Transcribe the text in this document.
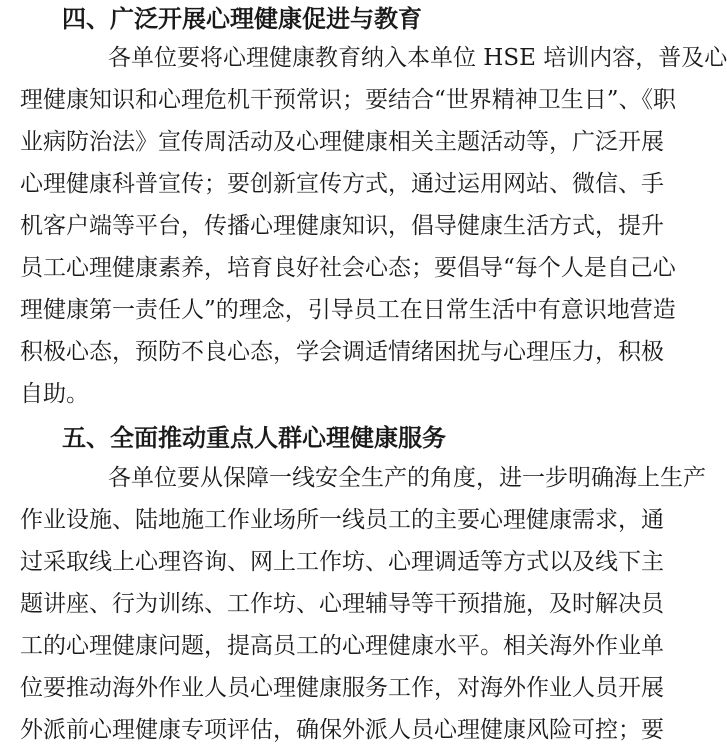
四、广泛开展心理健康促进与教育
各单位要将心理健康教育纳入本单位 HSE 培训内容，普及心
理健康知识和心理危机干预常识；要结合“世界精神卫生日”、《职
业病防治法》宣传周活动及心理健康相关主题活动等，广泛开展
心理健康科普宣传；要创新宣传方式，通过运用网站、微信、手
机客户端等平台，传播心理健康知识，倡导健康生活方式，提升
员工心理健康素养，培育良好社会心态；要倡导“每个人是自己心
理健康第一责任人”的理念，引导员工在日常生活中有意识地营造
积极心态，预防不良心态，学会调适情绪困扰与心理压力，积极
自助。
五、全面推动重点人群心理健康服务
各单位要从保障一线安全生产的角度，进一步明确海上生产
作业设施、陆地施工作业场所一线员工的主要心理健康需求，通
过采取线上心理咨询、网上工作坊、心理调适等方式以及线下主
题讲座、行为训练、工作坊、心理辅导等干预措施，及时解决员
工的心理健康问题，提高员工的心理健康水平。相关海外作业单
位要推动海外作业人员心理健康服务工作，对海外作业人员开展
外派前心理健康专项评估，确保外派人员心理健康风险可控；要
